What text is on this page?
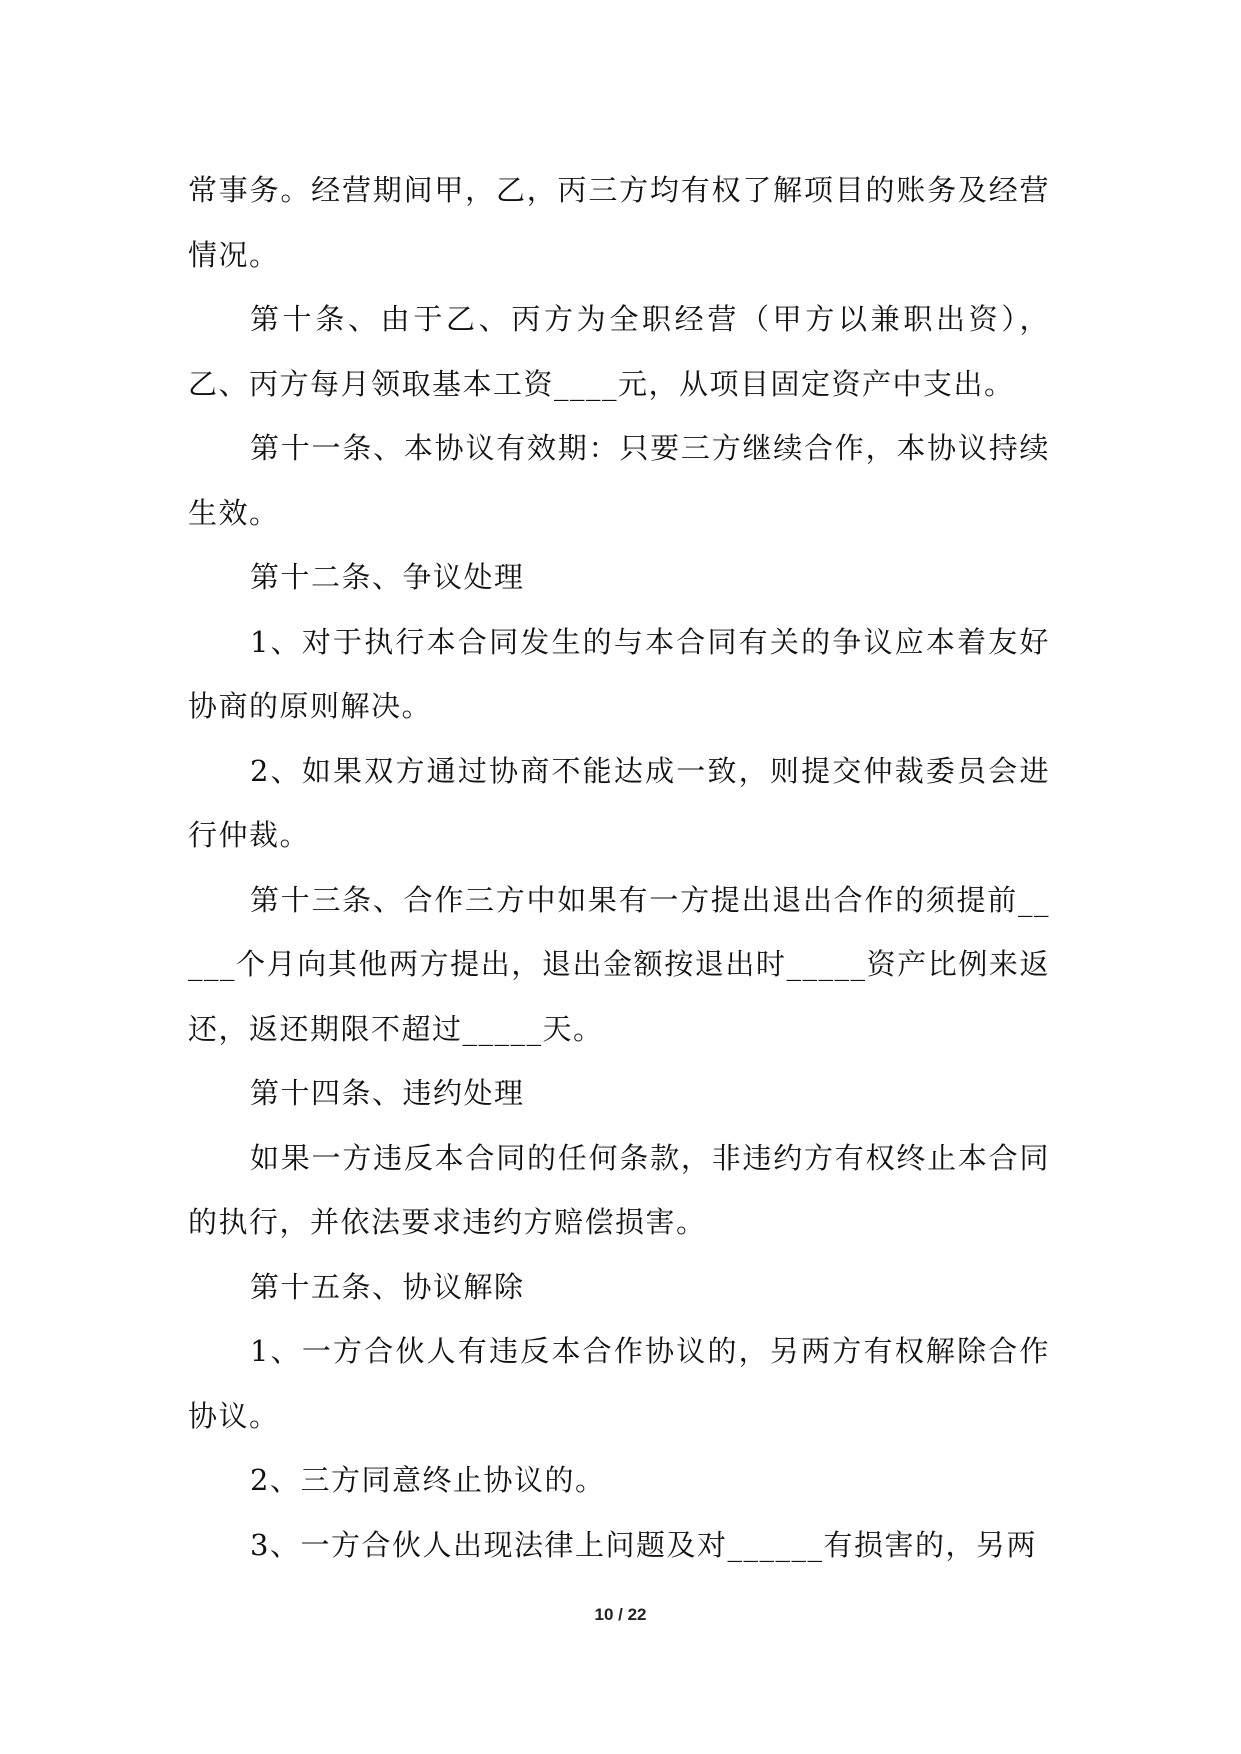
常事务。经营期间甲，乙，丙三方均有权了解项目的账务及经营情况。

第十条、由于乙、丙方为全职经营（甲方以兼职出资），乙、丙方每月领取基本工资____元，从项目固定资产中支出。

第十一条、本协议有效期：只要三方继续合作，本协议持续生效。

第十二条、争议处理

1、对于执行本合同发生的与本合同有关的争议应本着友好协商的原则解决。

2、如果双方通过协商不能达成一致，则提交仲裁委员会进行仲裁。

第十三条、合作三方中如果有一方提出退出合作的须提前_____个月向其他两方提出，退出金额按退出时_____资产比例来返还，返还期限不超过_____天。

第十四条、违约处理

如果一方违反本合同的任何条款，非违约方有权终止本合同的执行，并依法要求违约方赔偿损害。

第十五条、协议解除

1、一方合伙人有违反本合作协议的，另两方有权解除合作协议。

2、三方同意终止协议的。

3、一方合伙人出现法律上问题及对______有损害的，另两

10 / 22
